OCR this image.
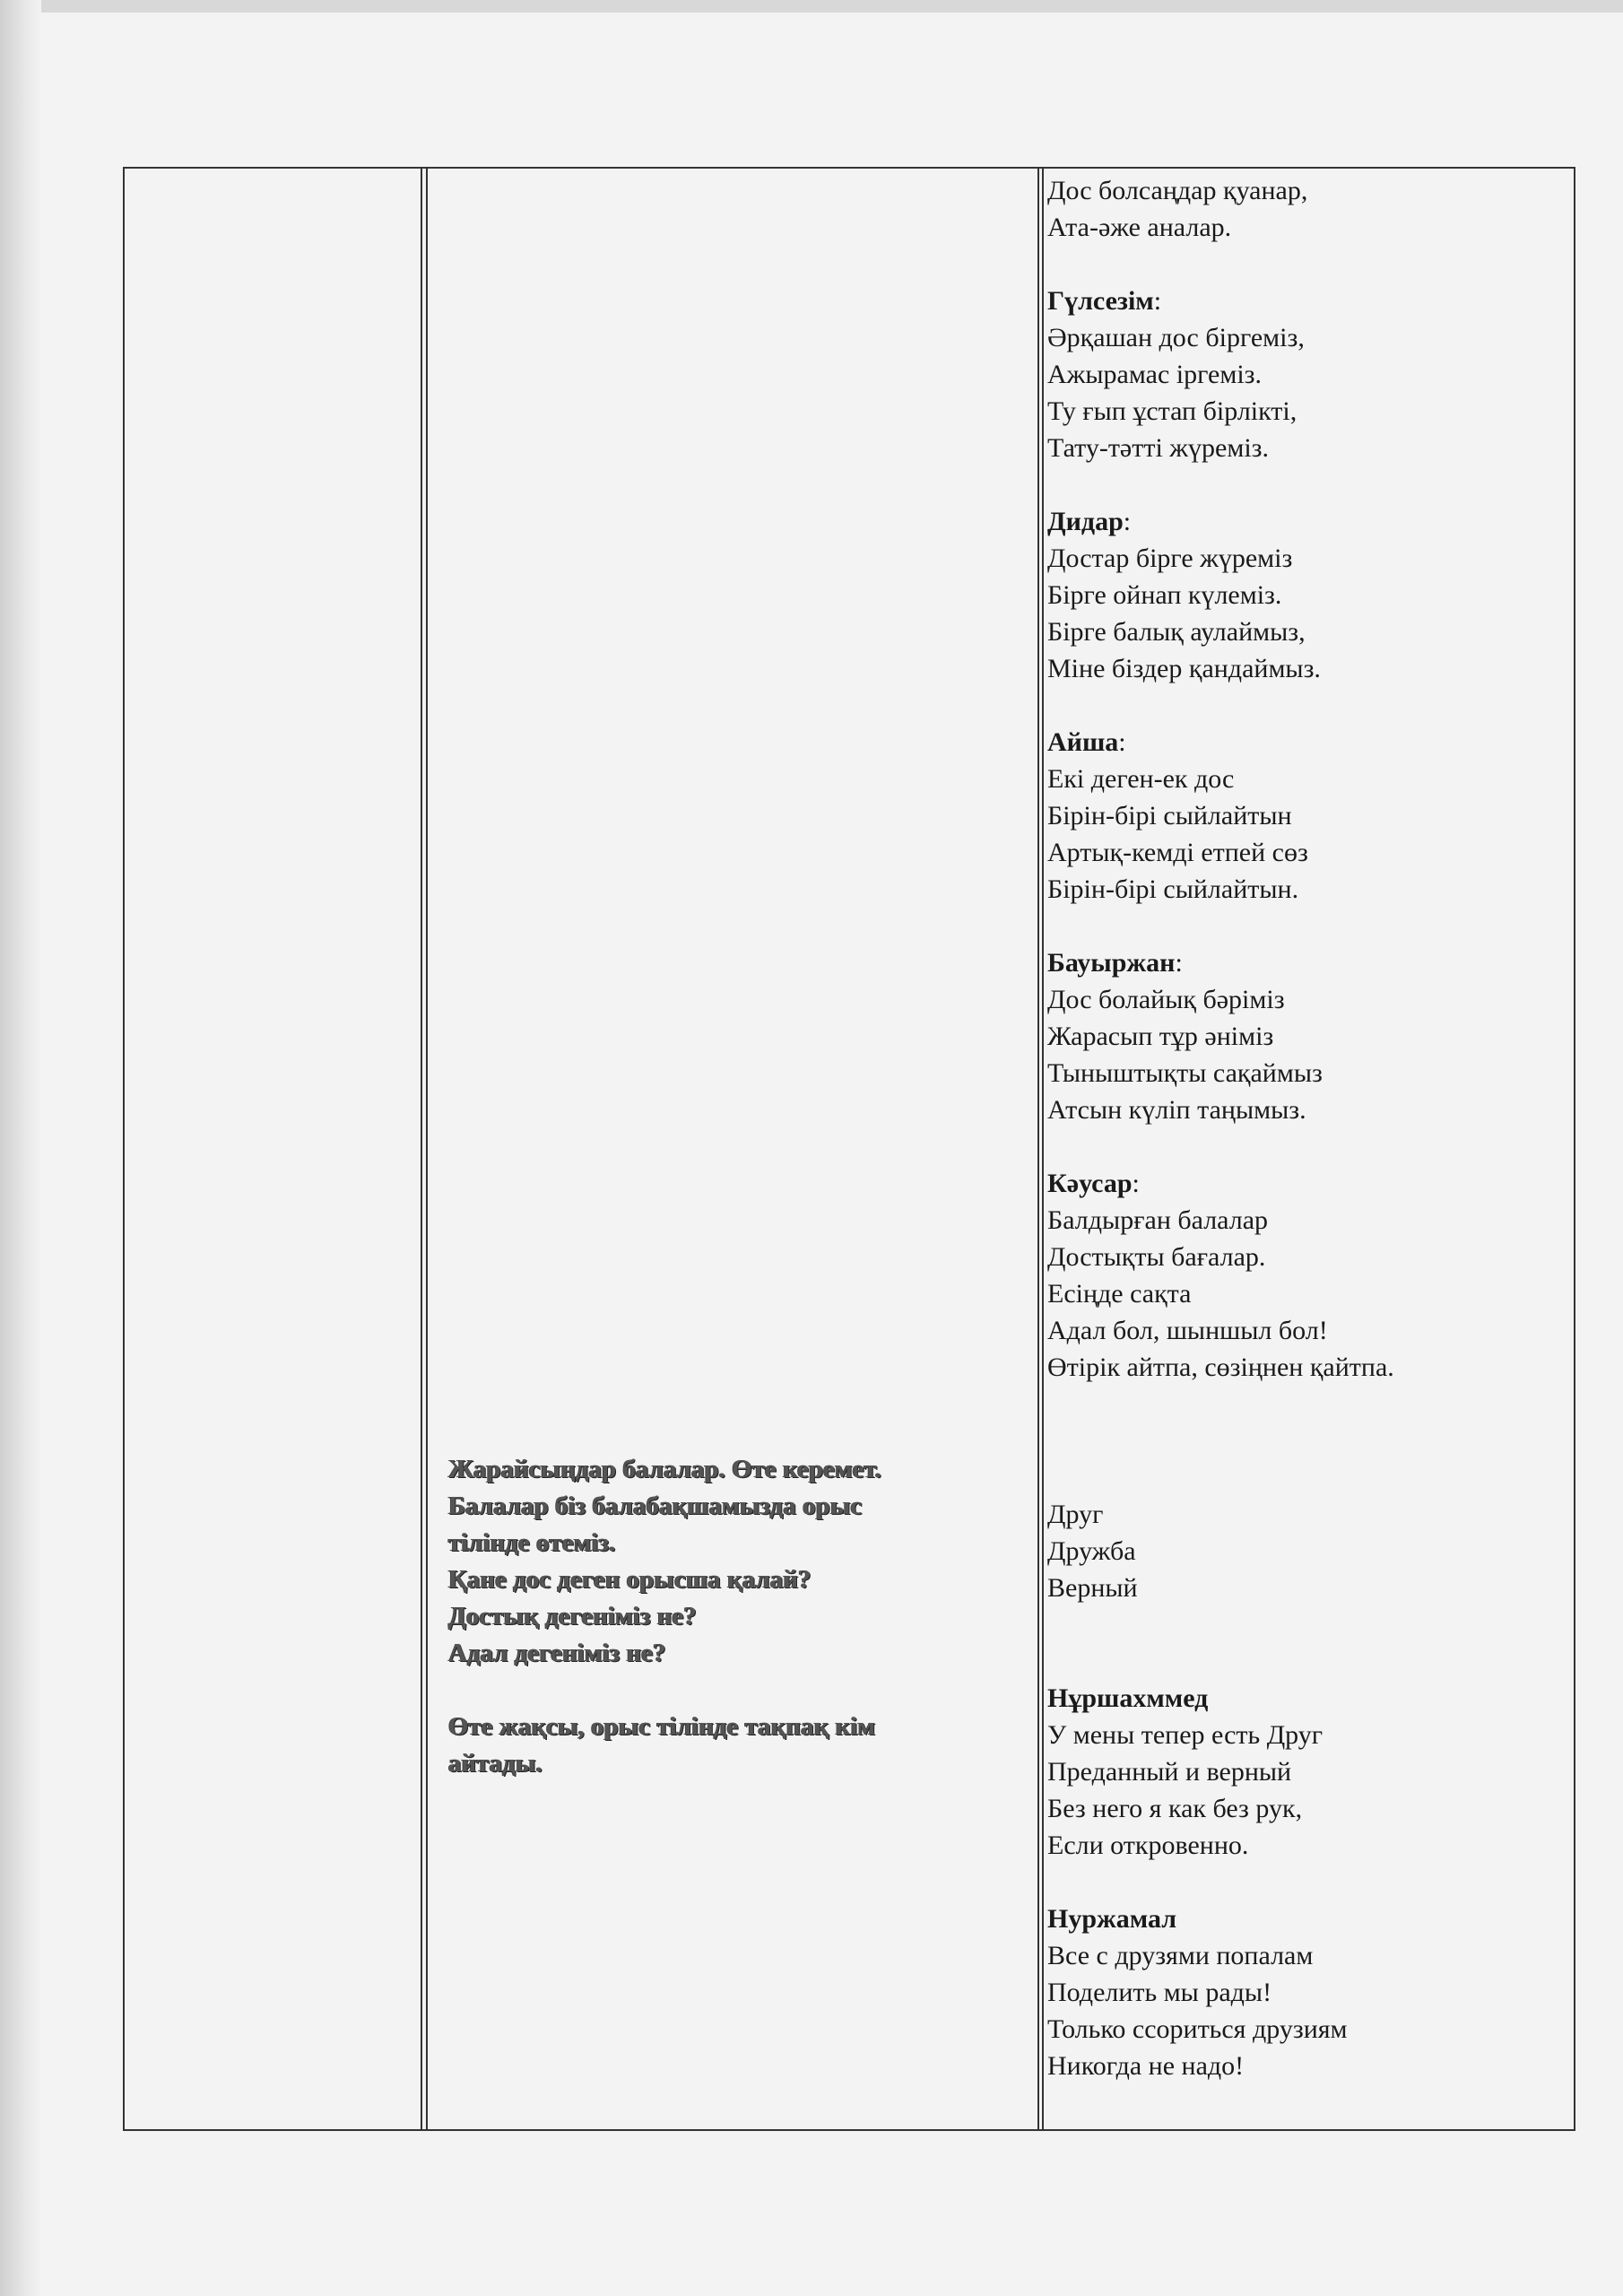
Жарайсыңдар балалар. Өте керемет.
Балалар біз балабақшамызда орыс
тілінде өтеміз.
Қане дос деген орысша қалай?
Достық дегеніміз не?
Адал дегеніміз не?
Өте жақсы, орыс тілінде тақпақ кім
айтады.
Дос болсаңдар қуанар,
Ата-әже аналар.
Гүлсезім:
Әрқашан дос біргеміз,
Ажырамас іргеміз.
Ту ғып ұстап бірлікті,
Тату-тәтті жүреміз.
Дидар:
Достар бірге жүреміз
Бірге ойнап күлеміз.
Бірге балық аулаймыз,
Міне біздер қандаймыз.
Айша:
Екі деген-ек дос
Бірін-бірі сыйлайтын
Артық-кемді етпей сөз
Бірін-бірі сыйлайтын.
Бауыржан:
Дос болайық бәріміз
Жарасып тұр әніміз
Тыныштықты сақаймыз
Атсын күліп таңымыз.
Кәусар:
Балдырған балалар
Достықты бағалар.
Есіңде сақта
Адал бол, шыншыл бол!
Өтірік айтпа, сөзіңнен қайтпа.
Друг
Дружба
Верный
Нұршахммед
У мены тепер есть Друг
Преданный и верный
Без него я как без рук,
Если откровенно.
Нуржамал
Все с друзями попалам
Поделить мы рады!
Только ссориться друзиям
Никогда не надо!
